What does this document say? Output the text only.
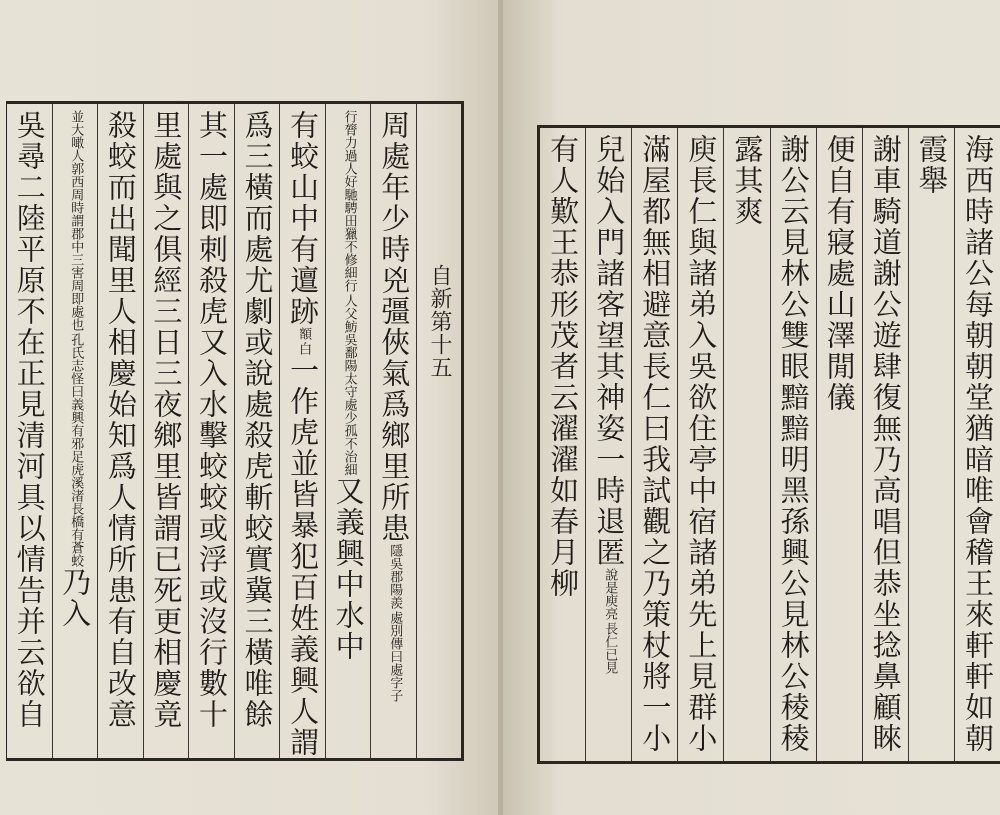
自新第十五
周處年少時兇彊俠氣爲鄉里所患
處別傳曰處字子
隱吳郡陽羨
人父魴吳鄱陽太守處少孤不治細
行膂力過人好馳騁田獵不修細行
又義興中水中
有蛟山中有邅跡
白
額
一作虎並皆暴犯百姓義興人謂
爲三橫而處尤劇或說處殺虎斬蛟實冀三橫唯餘
其一處即刺殺虎又入水擊蛟蛟或浮或沒行數十
里處與之俱經三日三夜鄉里皆謂已死更相慶竟
殺蛟而出聞里人相慶始知爲人情所患有自改意
孔氏志怪曰義興有邪足虎溪渚長橋有蒼蛟
並大噉人郭西周時謂郡中三害周即處也
乃入
吳尋二陸平原不在正見清河具以情告并云欲自	海西時諸公每朝朝堂猶暗唯會稽王來軒軒如朝
霞舉
謝車騎道謝公遊肆復無乃高唱但恭坐捻鼻顧睞
便自有寢處山澤閒儀
謝公云見林公雙眼黯黯明黑孫興公見林公稜稜
露其爽
庾長仁與諸弟入吳欲住亭中宿諸弟先上見群小
滿屋都無相避意長仁曰我試觀之乃策杖將一小
兒始入門諸客望其神姿一時退匿
長仁已見
說是庾亮
有人歎王恭形茂者云濯濯如春月柳
